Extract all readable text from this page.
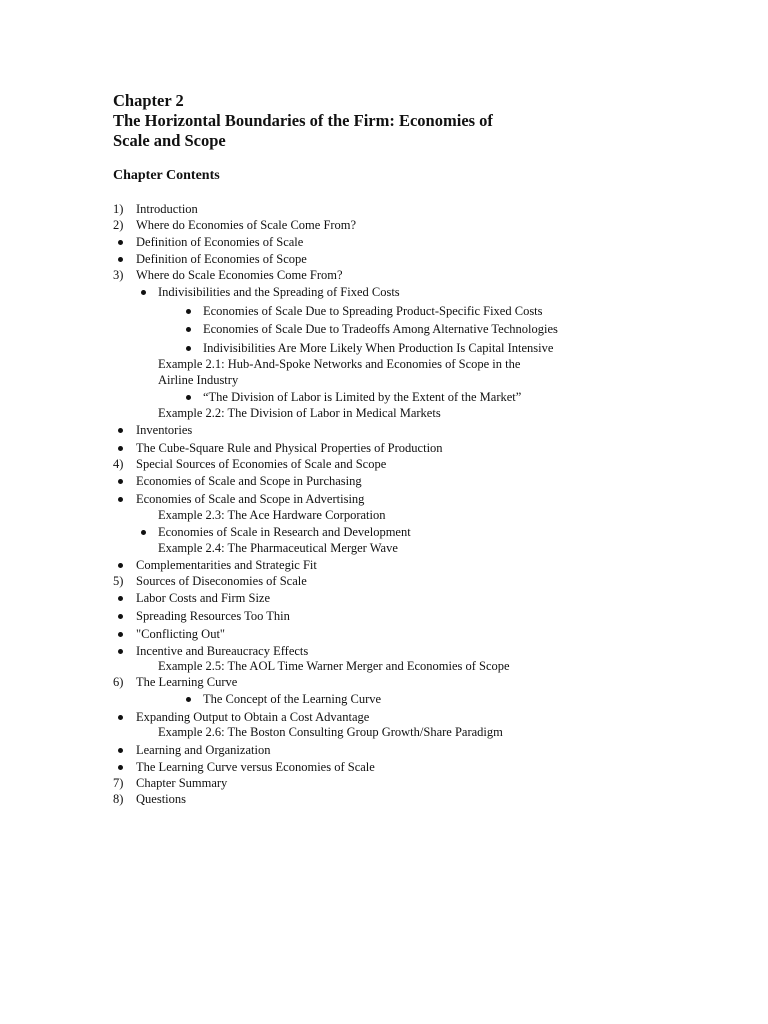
Chapter 2

The Horizontal Boundaries of the Firm: Economies of

Scale and Scope

Chapter Contents
1) Introduction
2) Where do Economies of Scale Come From?
Definition of Economies of Scale
Definition of Economies of Scope
3) Where do Scale Economies Come From?
Indivisibilities and the Spreading of Fixed Costs
Economies of Scale Due to Spreading Product-Specific Fixed Costs
Economies of Scale Due to Tradeoffs Among Alternative Technologies
Indivisibilities Are More Likely When Production Is Capital Intensive
Example 2.1: Hub-And-Spoke Networks and Economies of Scope in the
Airline Industry
“The Division of Labor is Limited by the Extent of the Market”
Example 2.2: The Division of Labor in Medical Markets
Inventories
The Cube-Square Rule and Physical Properties of Production
4) Special Sources of Economies of Scale and Scope
Economies of Scale and Scope in Purchasing
Economies of Scale and Scope in Advertising
Example 2.3: The Ace Hardware Corporation
Economies of Scale in Research and Development
Example 2.4: The Pharmaceutical Merger Wave
Complementarities and Strategic Fit
5) Sources of Diseconomies of Scale
Labor Costs and Firm Size
Spreading Resources Too Thin
"Conflicting Out"
Incentive and Bureaucracy Effects
Example 2.5: The AOL Time Warner Merger and Economies of Scope
6) The Learning Curve
The Concept of the Learning Curve
Expanding Output to Obtain a Cost Advantage
Example 2.6: The Boston Consulting Group Growth/Share Paradigm
Learning and Organization
The Learning Curve versus Economies of Scale
7) Chapter Summary
8) Questions
